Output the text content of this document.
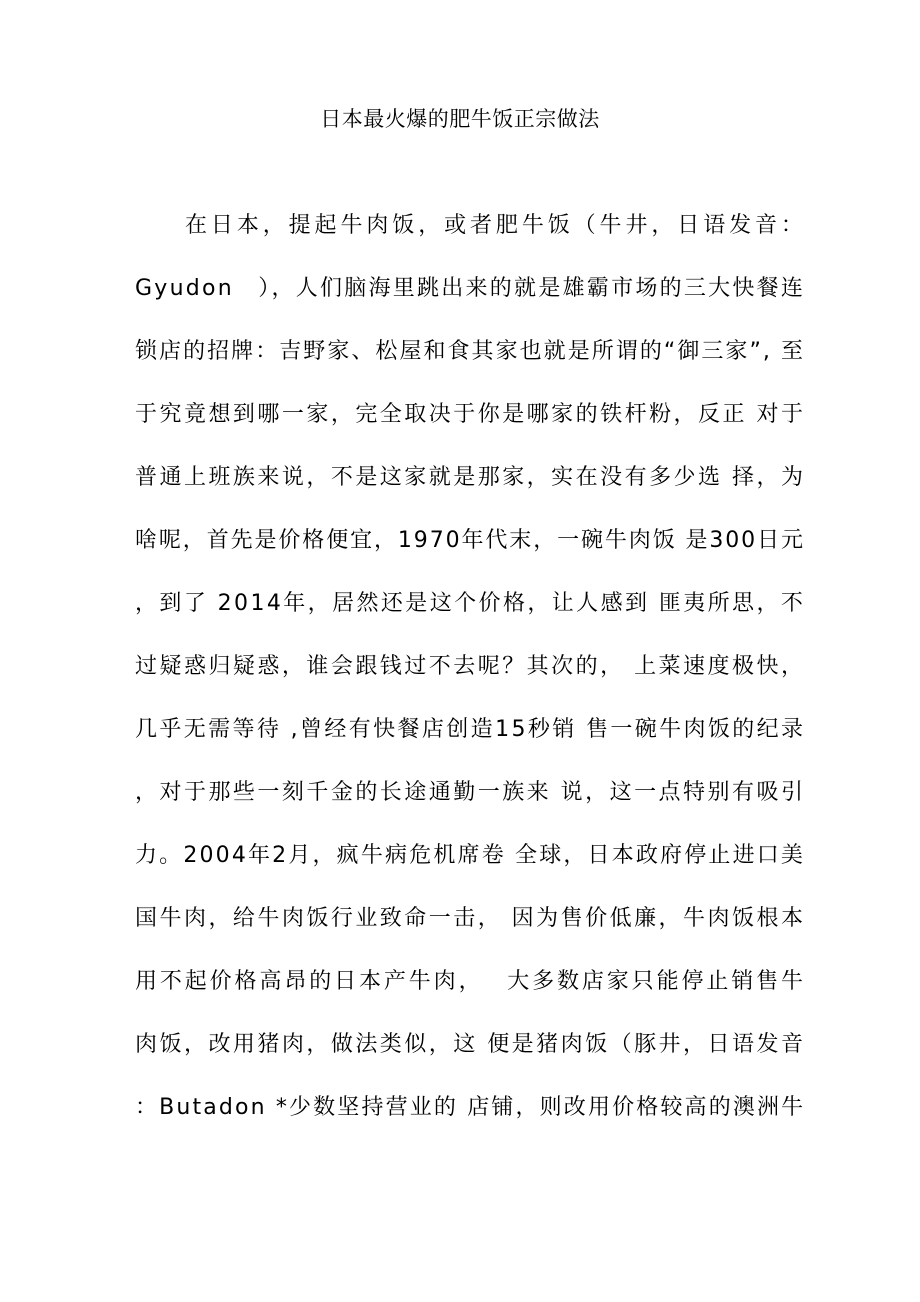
日本最火爆的肥牛饭正宗做法
在日本，提起牛肉饭，或者肥牛饭（牛井，日语发音：
Gyudon　），人们脑海里跳出来的就是雄霸市场的三大快餐连
锁店的招牌：吉野家、松屋和食其家也就是所谓的“御三家”, 至
于究竟想到哪一家，完全取决于你是哪家的铁杆粉，反正 对于
普通上班族来说，不是这家就是那家，实在没有多少选 择，为
啥呢，首先是价格便宜，1970年代末，一碗牛肉饭 是300日元
，到了 2014年，居然还是这个价格，让人感到 匪夷所思，不
过疑惑归疑惑，谁会跟钱过不去呢？其次的， 上菜速度极快，
几乎无需等待 ,曾经有快餐店创造15秒销 售一碗牛肉饭的纪录
，对于那些一刻千金的长途通勤一族来 说，这一点特别有吸引
力。2004年2月，疯牛病危机席卷 全球，日本政府停止进口美
国牛肉，给牛肉饭行业致命一击， 因为售价低廉，牛肉饭根本
用不起价格高昂的日本产牛肉，　 大多数店家只能停止销售牛
肉饭，改用猪肉，做法类似，这 便是猪肉饭（豚井，日语发音
：Butadon *少数坚持营业的 店铺，则改用价格较高的澳洲牛
